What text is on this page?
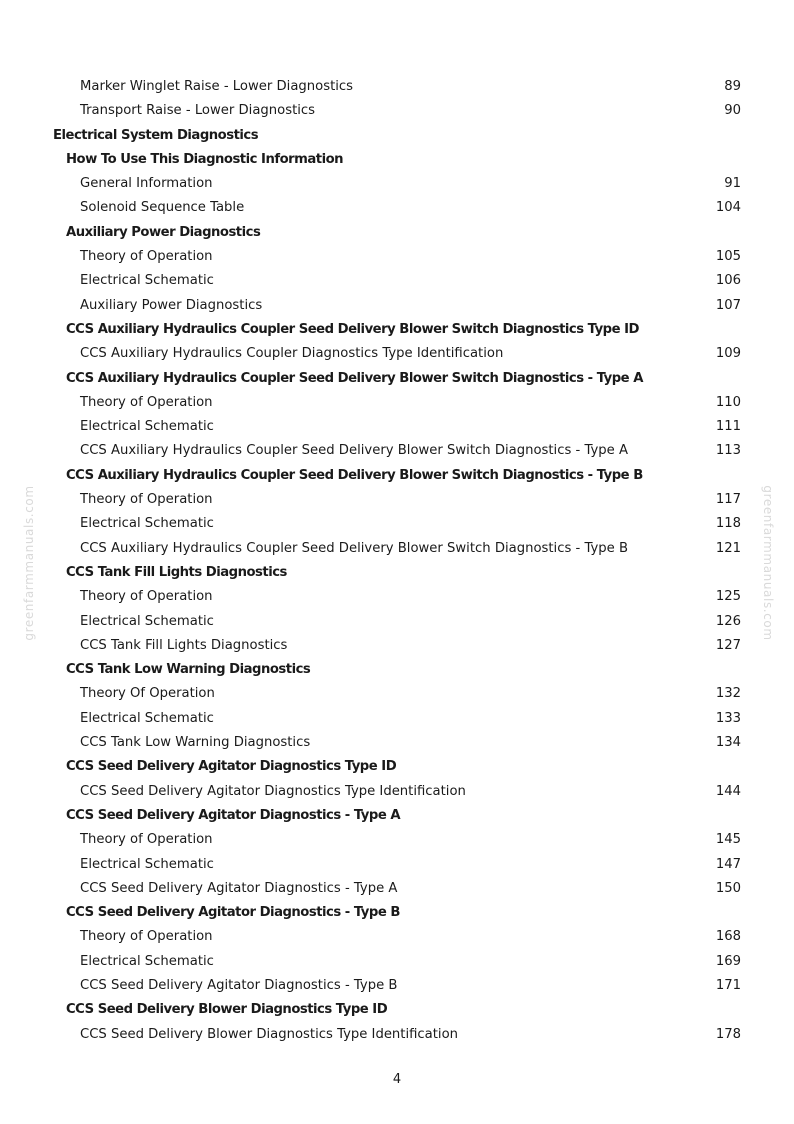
greenfarmmanuals.com	greenfarmmanuals.com
Marker Winglet Raise - Lower Diagnostics	89
Transport Raise - Lower Diagnostics	90
Electrical System Diagnostics
How To Use This Diagnostic Information
General Information	91
Solenoid Sequence Table	104
Auxiliary Power Diagnostics
Theory of Operation	105
Electrical Schematic	106
Auxiliary Power Diagnostics	107
CCS Auxiliary Hydraulics Coupler Seed Delivery Blower Switch Diagnostics Type ID
CCS Auxiliary Hydraulics Coupler Diagnostics Type Identification	109
CCS Auxiliary Hydraulics Coupler Seed Delivery Blower Switch Diagnostics - Type A
Theory of Operation	110
Electrical Schematic	111
CCS Auxiliary Hydraulics Coupler Seed Delivery Blower Switch Diagnostics - Type A	113
CCS Auxiliary Hydraulics Coupler Seed Delivery Blower Switch Diagnostics - Type B
Theory of Operation	117
Electrical Schematic	118
CCS Auxiliary Hydraulics Coupler Seed Delivery Blower Switch Diagnostics - Type B	121
CCS Tank Fill Lights Diagnostics
Theory of Operation	125
Electrical Schematic	126
CCS Tank Fill Lights Diagnostics	127
CCS Tank Low Warning Diagnostics
Theory Of Operation	132
Electrical Schematic	133
CCS Tank Low Warning Diagnostics	134
CCS Seed Delivery Agitator Diagnostics Type ID
CCS Seed Delivery Agitator Diagnostics Type Identification	144
CCS Seed Delivery Agitator Diagnostics - Type A
Theory of Operation	145
Electrical Schematic	147
CCS Seed Delivery Agitator Diagnostics - Type A	150
CCS Seed Delivery Agitator Diagnostics - Type B
Theory of Operation	168
Electrical Schematic	169
CCS Seed Delivery Agitator Diagnostics - Type B	171
CCS Seed Delivery Blower Diagnostics Type ID
CCS Seed Delivery Blower Diagnostics Type Identification	178
4
